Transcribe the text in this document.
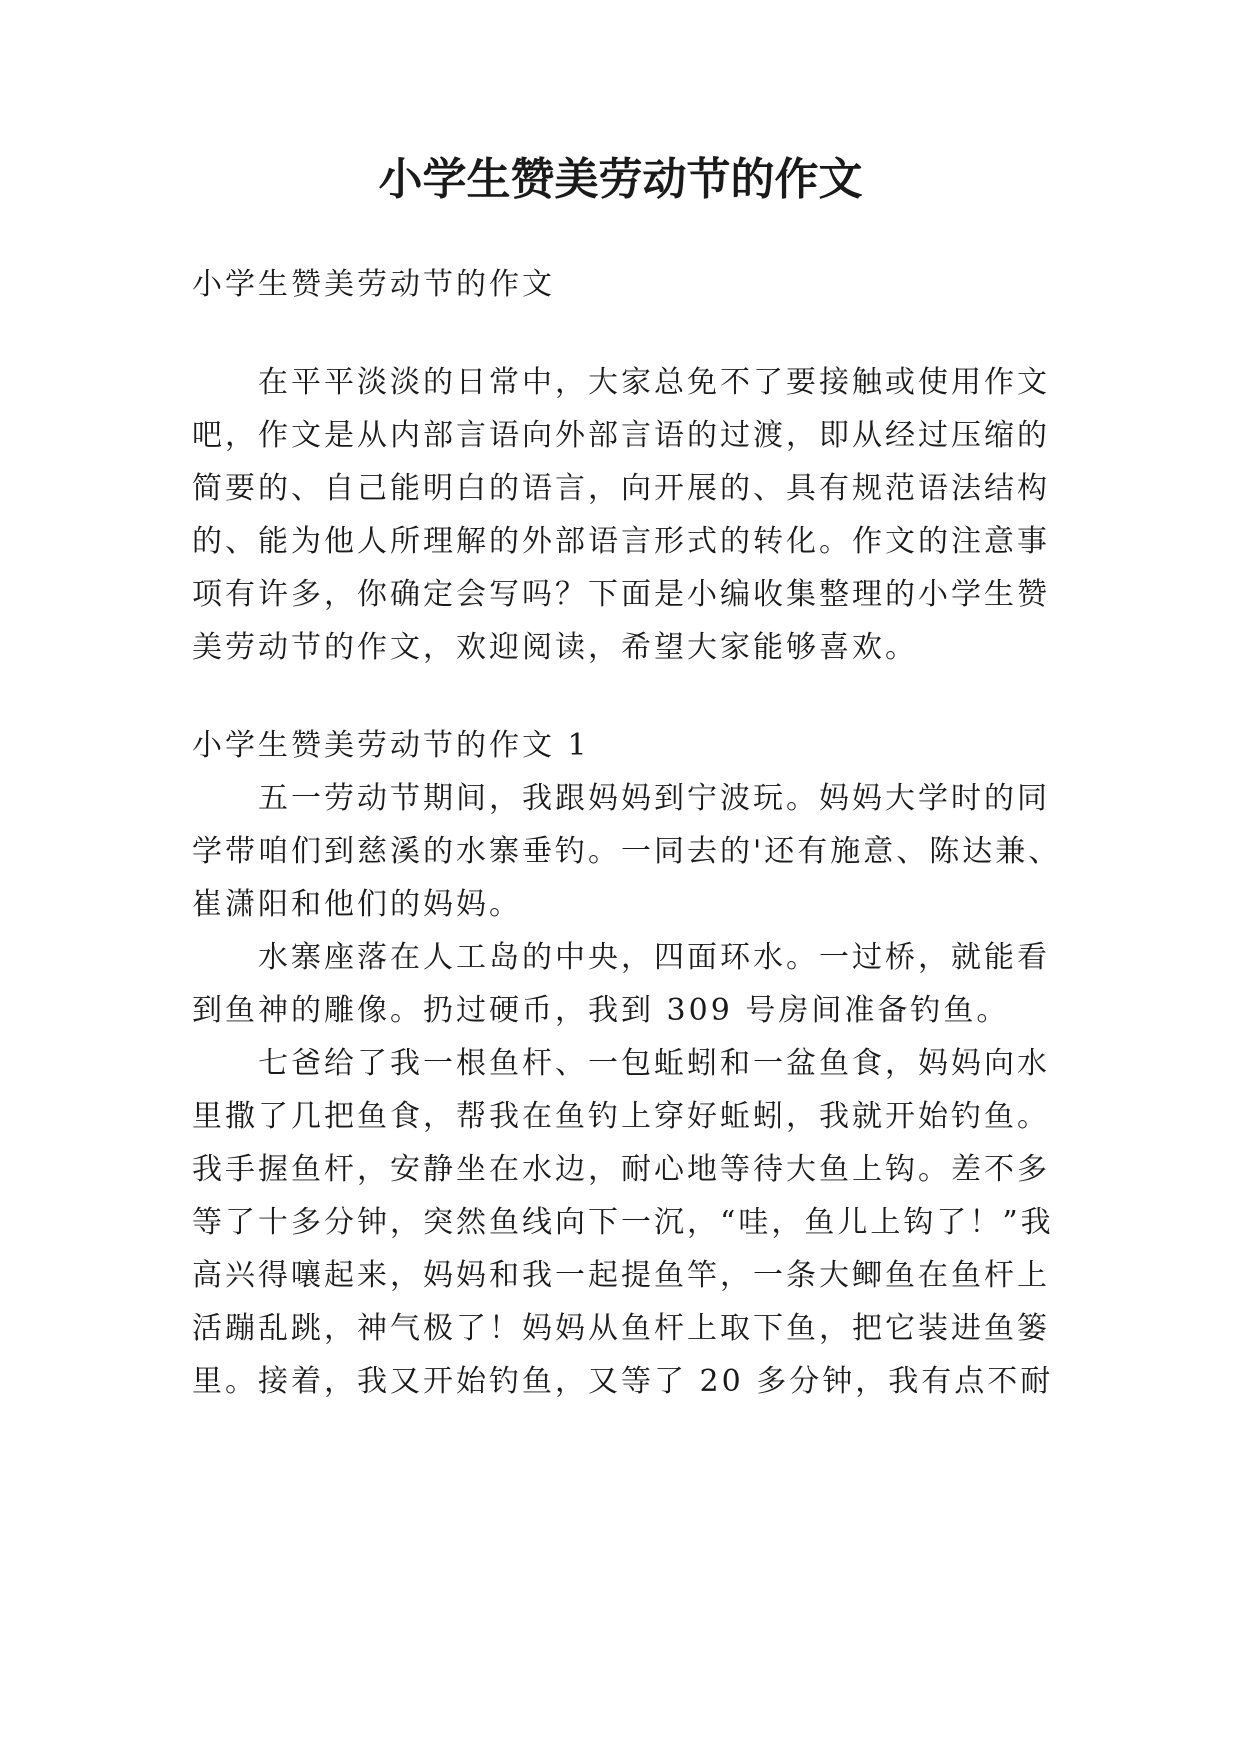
小学生赞美劳动节的作文
小学生赞美劳动节的作文
　　在平平淡淡的日常中，大家总免不了要接触或使用作文
吧，作文是从内部言语向外部言语的过渡，即从经过压缩的
简要的、自己能明白的语言，向开展的、具有规范语法结构
的、能为他人所理解的外部语言形式的转化。作文的注意事
项有许多，你确定会写吗？下面是小编收集整理的小学生赞
美劳动节的作文，欢迎阅读，希望大家能够喜欢。
小学生赞美劳动节的作文 1
　　五一劳动节期间，我跟妈妈到宁波玩。妈妈大学时的同
学带咱们到慈溪的水寨垂钓。一同去的'还有施意、陈达兼、
崔潇阳和他们的妈妈。
　　水寨座落在人工岛的中央，四面环水。一过桥，就能看
到鱼神的雕像。扔过硬币，我到 309 号房间准备钓鱼。
　　七爸给了我一根鱼杆、一包蚯蚓和一盆鱼食，妈妈向水
里撒了几把鱼食，帮我在鱼钓上穿好蚯蚓，我就开始钓鱼。
我手握鱼杆，安静坐在水边，耐心地等待大鱼上钩。差不多
等了十多分钟，突然鱼线向下一沉，“哇，鱼儿上钩了！”我
高兴得嚷起来，妈妈和我一起提鱼竿，一条大鲫鱼在鱼杆上
活蹦乱跳，神气极了！妈妈从鱼杆上取下鱼，把它装进鱼篓
里。接着，我又开始钓鱼，又等了 20 多分钟，我有点不耐
